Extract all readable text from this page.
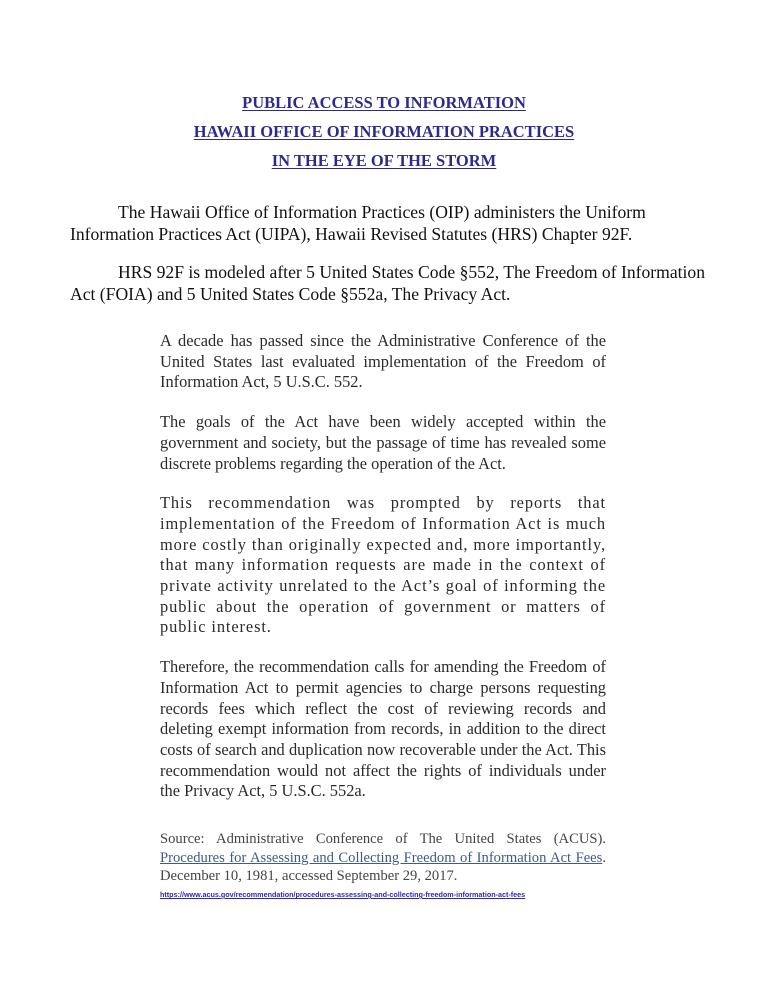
PUBLIC ACCESS TO INFORMATION
HAWAII OFFICE OF INFORMATION PRACTICES
IN THE EYE OF THE STORM

The Hawaii Office of Information Practices (OIP) administers the Uniform Information Practices Act (UIPA), Hawaii Revised Statutes (HRS) Chapter 92F.

HRS 92F is modeled after 5 United States Code §552, The Freedom of Information Act (FOIA) and 5 United States Code §552a, The Privacy Act.

A decade has passed since the Administrative Conference of the United States last evaluated implementation of the Freedom of Information Act, 5 U.S.C. 552.

The goals of the Act have been widely accepted within the government and society, but the passage of time has revealed some discrete problems regarding the operation of the Act.

This recommendation was prompted by reports that implementation of the Freedom of Information Act is much more costly than originally expected and, more importantly, that many information requests are made in the context of private activity unrelated to the Act’s goal of informing the public about the operation of government or matters of public interest.

Therefore, the recommendation calls for amending the Freedom of Information Act to permit agencies to charge persons requesting records fees which reflect the cost of reviewing records and deleting exempt information from records, in addition to the direct costs of search and duplication now recoverable under the Act. This recommendation would not affect the rights of individuals under the Privacy Act, 5 U.S.C. 552a.

Source: Administrative Conference of The United States (ACUS). Procedures for Assessing and Collecting Freedom of Information Act Fees. December 10, 1981, accessed September 29, 2017.
https://www.acus.gov/recommendation/procedures-assessing-and-collecting-freedom-information-act-fees
